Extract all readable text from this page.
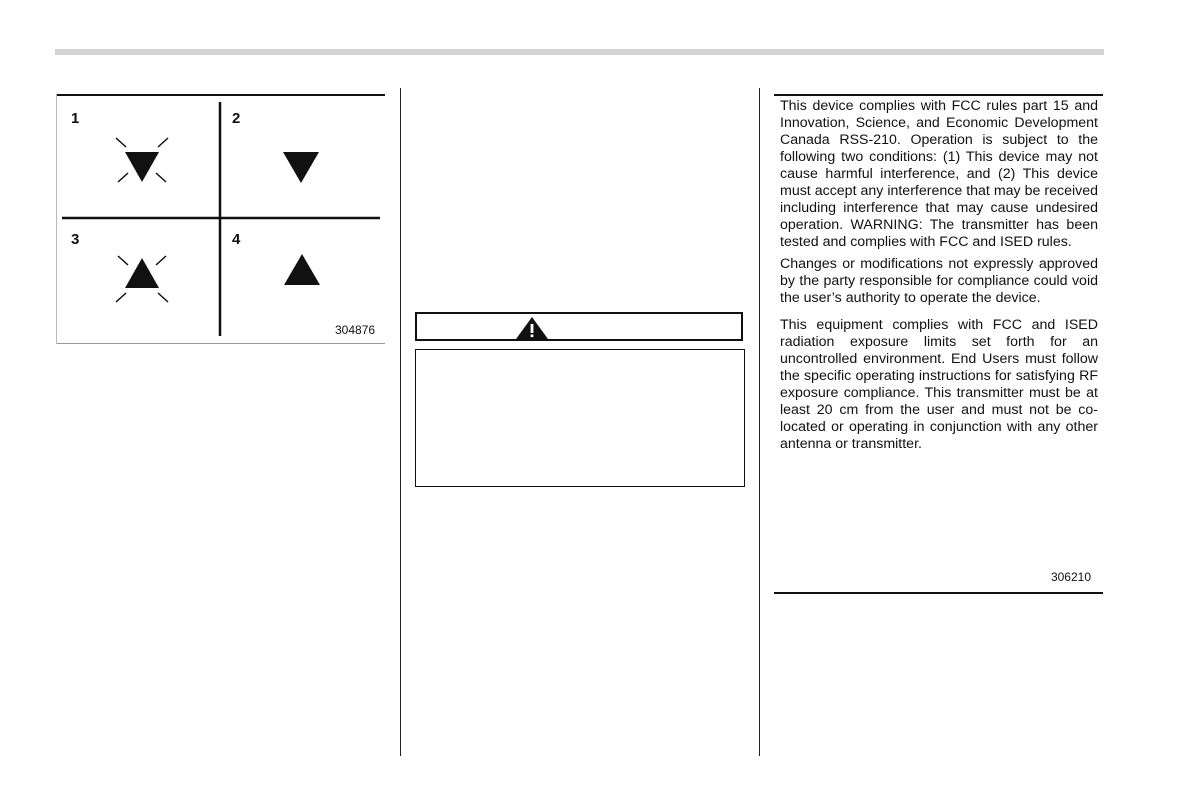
1	2
3	4
304876

This device complies with FCC rules part 15 and Innovation, Science, and Economic Development Canada RSS-210. Operation is subject to the following two conditions: (1) This device may not cause harmful interference, and (2) This device must accept any interference that may be received including interference that may cause undesired operation. WARNING: The transmitter has been tested and complies with FCC and ISED rules.

Changes or modifications not expressly approved by the party responsible for compliance could void the user’s authority to operate the device.

This equipment complies with FCC and ISED radiation exposure limits set forth for an uncontrolled environment. End Users must follow the specific operating instructions for satisfying RF exposure compliance. This transmitter must be at least 20 cm from the user and must not be co-located or operating in conjunction with any other antenna or transmitter.

306210
